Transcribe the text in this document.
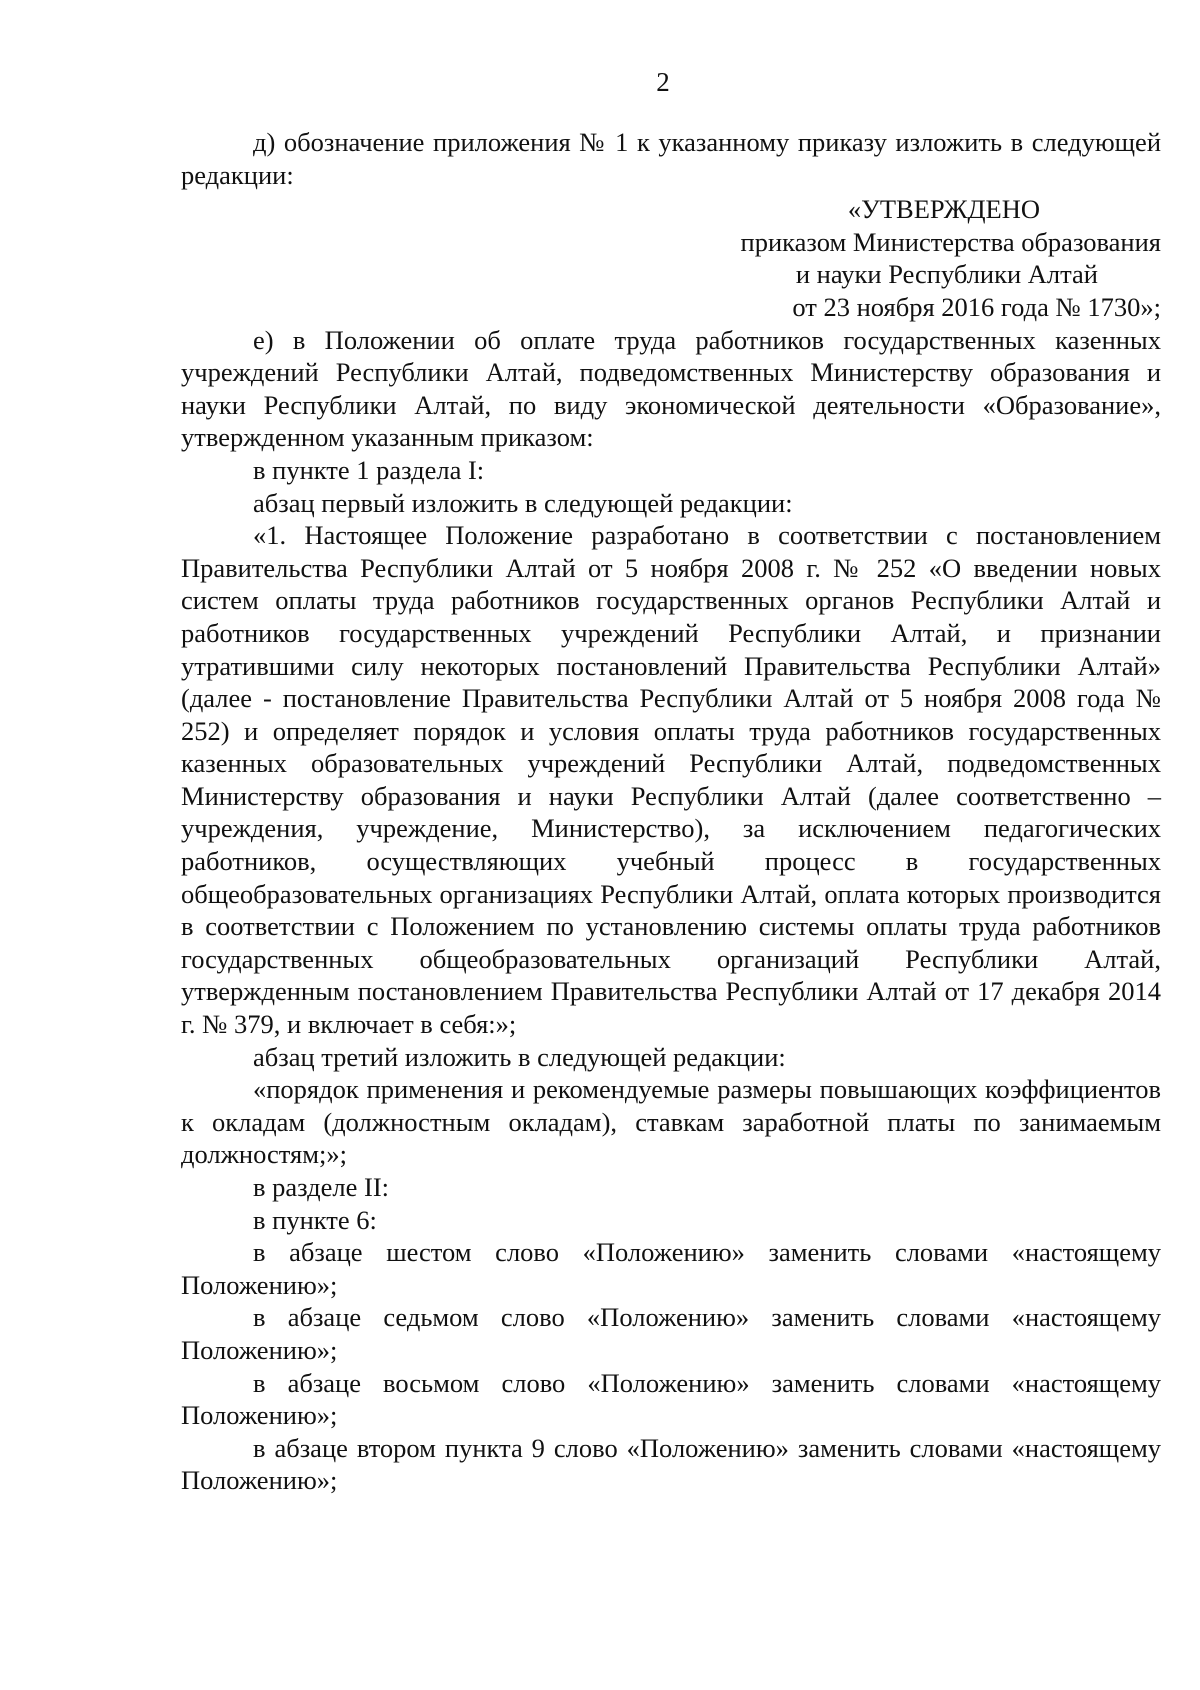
2

д) обозначение приложения № 1 к указанному приказу изложить в следующей редакции:

«УТВЕРЖДЕНО

приказом Министерства образования

и науки Республики Алтай

от 23 ноября 2016 года № 1730»;

е) в Положении об оплате труда работников государственных казенных учреждений Республики Алтай, подведомственных Министерству образования и науки Республики Алтай, по виду экономической деятельности «Образование», утвержденном указанным приказом:

в пункте 1 раздела I:

абзац первый изложить в следующей редакции:

«1. Настоящее Положение разработано в соответствии с постановлением Правительства Республики Алтай от 5 ноября 2008 г. № 252 «О введении новых систем оплаты труда работников государственных органов Республики Алтай и работников государственных учреждений Республики Алтай, и признании утратившими силу некоторых постановлений Правительства Республики Алтай» (далее - постановление Правительства Республики Алтай от 5 ноября 2008 года № 252) и определяет порядок и условия оплаты труда работников государственных казенных образовательных учреждений Республики Алтай, подведомственных Министерству образования и науки Республики Алтай (далее соответственно – учреждения, учреждение, Министерство), за исключением педагогических работников, осуществляющих учебный процесс в государственных общеобразовательных организациях Республики Алтай, оплата которых производится в соответствии с Положением по установлению системы оплаты труда работников государственных общеобразовательных организаций Республики Алтай, утвержденным постановлением Правительства Республики Алтай от 17 декабря 2014 г. № 379, и включает в себя:»;

абзац третий изложить в следующей редакции:

«порядок применения и рекомендуемые размеры повышающих коэффициентов к окладам (должностным окладам), ставкам заработной платы по занимаемым должностям;»;

в разделе II:

в пункте 6:

в абзаце шестом слово «Положению» заменить словами «настоящему Положению»;

в абзаце седьмом слово «Положению» заменить словами «настоящему Положению»;

в абзаце восьмом слово «Положению» заменить словами «настоящему Положению»;

в абзаце втором пункта 9 слово «Положению» заменить словами «настоящему Положению»;
